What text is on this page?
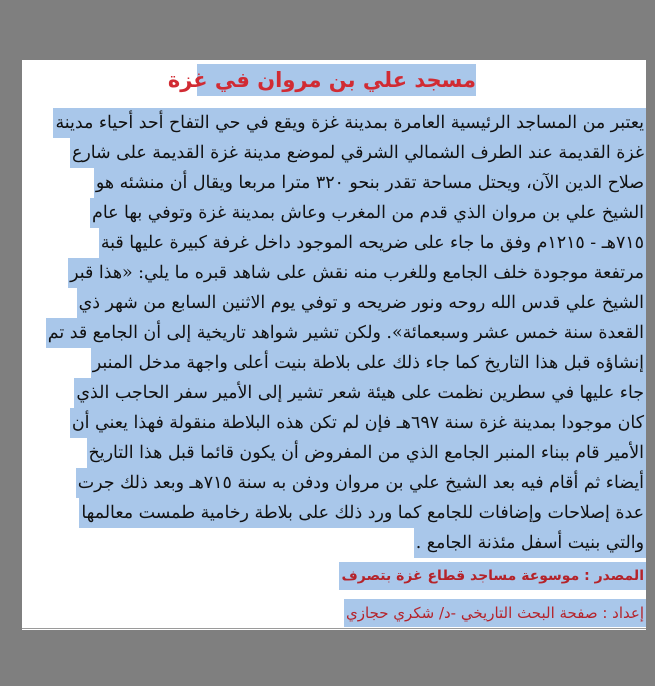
مسجد علي بن مروان في غزة
يعتبر من المساجد الرئيسية العامرة بمدينة غزة ويقع في حي التفاح أحد أحياء مدينة
غزة القديمة عند الطرف الشمالي الشرقي لموضع مدينة غزة القديمة على شارع
صلاح الدين الآن، ويحتل مساحة تقدر بنحو ٣٢٠ مترا مربعا ويقال أن منشئه هو
الشيخ علي بن مروان الذي قدم من المغرب وعاش بمدينة غزة وتوفي بها عام
٧١٥هـ - ١٢١٥م وفق ما جاء على ضريحه الموجود داخل غرفة كبيرة عليها قبة
مرتفعة موجودة خلف الجامع وللغرب منه نقش على شاهد قبره ما يلي: «هذا قبر
الشيخ علي قدس الله روحه ونور ضريحه و توفي يوم الاثنين السابع من شهر ذي
القعدة سنة خمس عشر وسبعمائة». ولكن تشير شواهد تاريخية إلى أن الجامع قد تم
إنشاؤه قبل هذا التاريخ كما جاء ذلك على بلاطة بنيت أعلى واجهة مدخل المنبر
جاء عليها في سطرين نظمت على هيئة شعر تشير إلى الأمير سفر الحاجب الذي
كان موجودا بمدينة غزة سنة ٦٩٧هـ فإن لم تكن هذه البلاطة منقولة فهذا يعني أن
الأمير قام ببناء المنبر الجامع الذي من المفروض أن يكون قائما قبل هذا التاريخ
أيضاء ثم أقام فيه بعد الشيخ علي بن مروان ودفن به سنة ٧١٥هـ وبعد ذلك جرت
عدة إصلاحات وإضافات للجامع كما ورد ذلك على بلاطة رخامية طمست معالمها
والتي بنيت أسفل مئذنة الجامع .
المصدر : موسوعة مساجد قطاع غزة بتصرف
إعداد : صفحة البحث التاريخي -د/ شكري حجازي
